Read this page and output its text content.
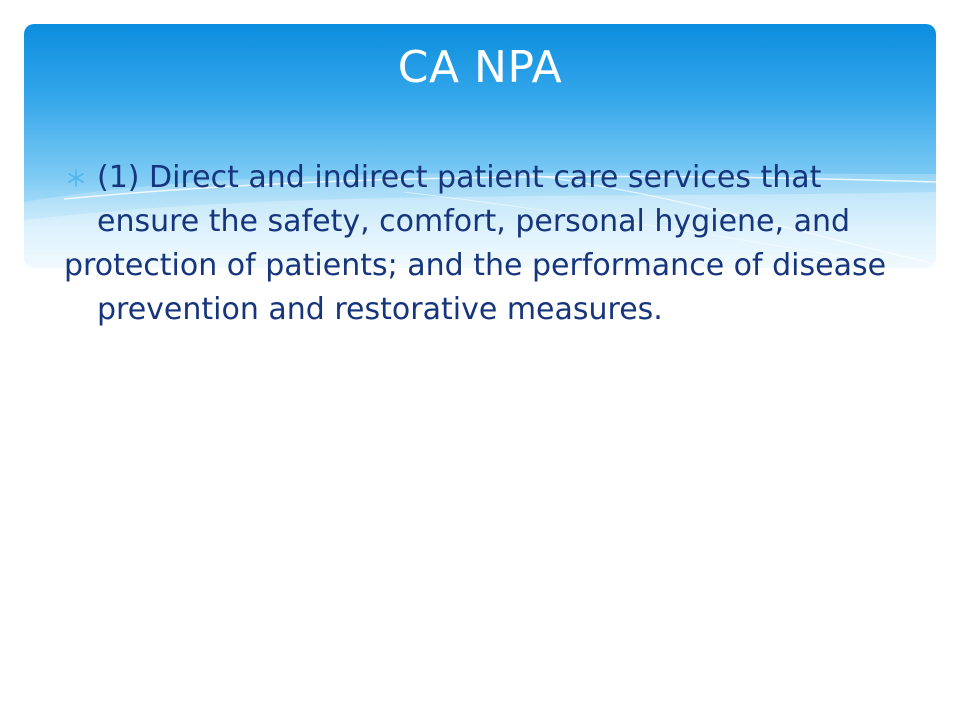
CA NPA

(1) Direct and indirect patient care services that ensure the safety, comfort, personal hygiene, and

protection of patients; and the performance of disease prevention and restorative measures.
